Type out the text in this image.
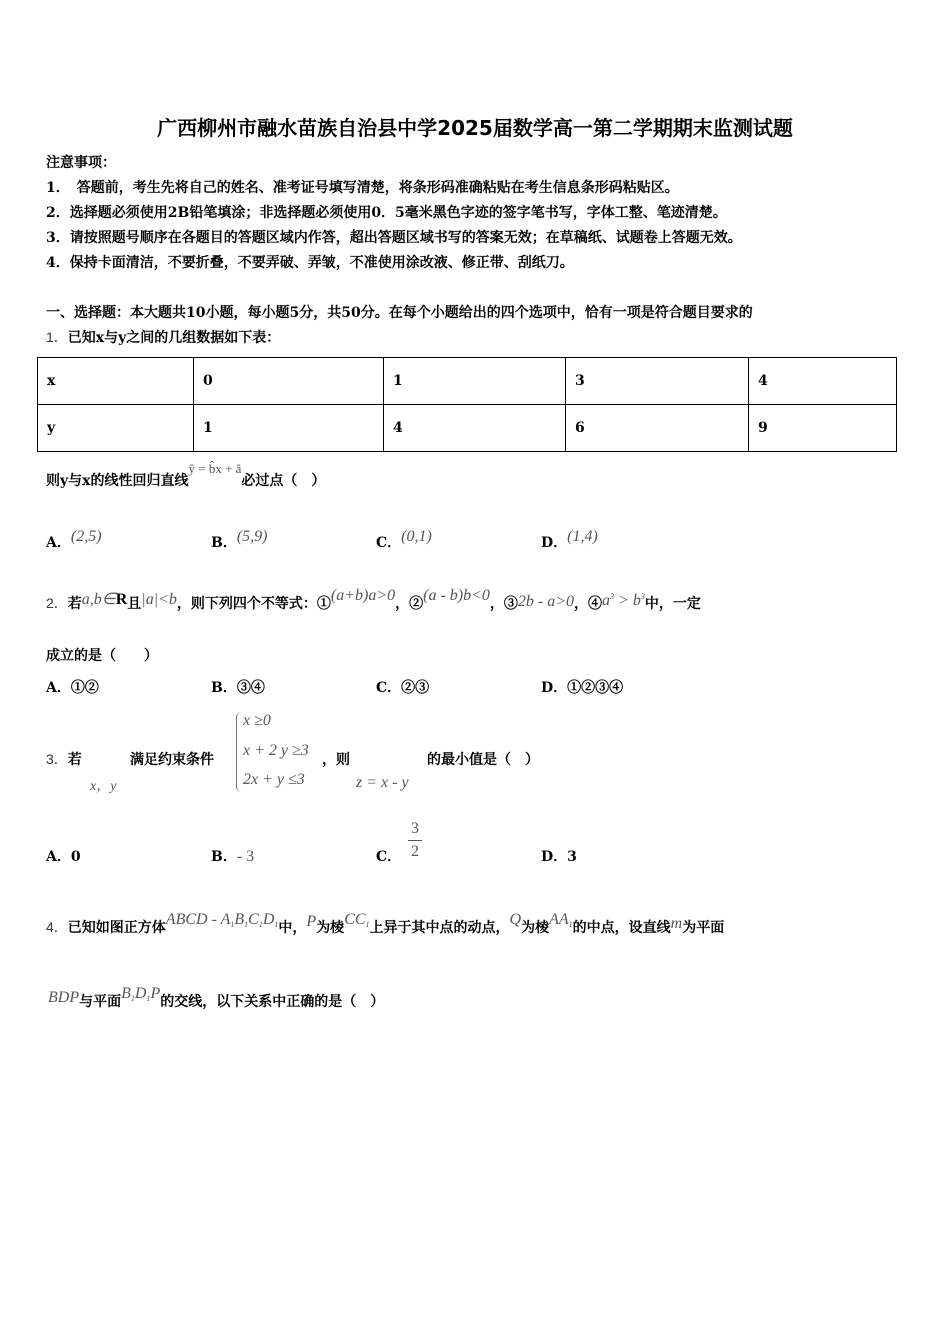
广西柳州市融水苗族自治县中学2025届数学高一第二学期期末监测试题
注意事项：
1．　答题前，考生先将自己的姓名、准考证号填写清楚，将条形码准确粘贴在考生信息条形码粘贴区。
2．选择题必须使用2B铅笔填涂；非选择题必须使用0．5毫米黑色字迹的签字笔书写，字体工整、笔迹清楚。
3．请按照题号顺序在各题目的答题区域内作答，超出答题区域书写的答案无效；在草稿纸、试题卷上答题无效。
4．保持卡面清洁，不要折叠，不要弄破、弄皱，不准使用涂改液、修正带、刮纸刀。
一、选择题：本大题共10小题，每小题5分，共50分。在每个小题给出的四个选项中，恰有一项是符合题目要求的
1．已知x与y之间的几组数据如下表：
x	0	1	3	4
y	1	4	6	9
则y与x的线性回归直线ŷ = b̂x + â必过点（　）
A．(2,5)	B．(5,9)	C．(0,1)	D．(1,4)
2．若a,b∈R且|a|<b，则下列四个不等式：①(a+b)a>0，②(a - b)b<0，③2b - a>0，$④a^3 > b^3$中，一定
成立的是（　　）
A．①②	B．③④	C．②③	D．①②③④
3．若
x，y
满足约束条件
x ≥0
x + 2 y ≥3
2x + y ≤3
，则
z = x - y
的最小值是（　）
A．0	B．- 3	C．
3
2	D．3
4．已知如图正方体ABCD - $A_1B_1C_1D_1$中，P为棱$CC_1$上异于其中点的动点，Q为棱$AA_1$的中点，设直线m为平面
BDP与平面$B_1D_1P$的交线，以下关系中正确的是（　）
